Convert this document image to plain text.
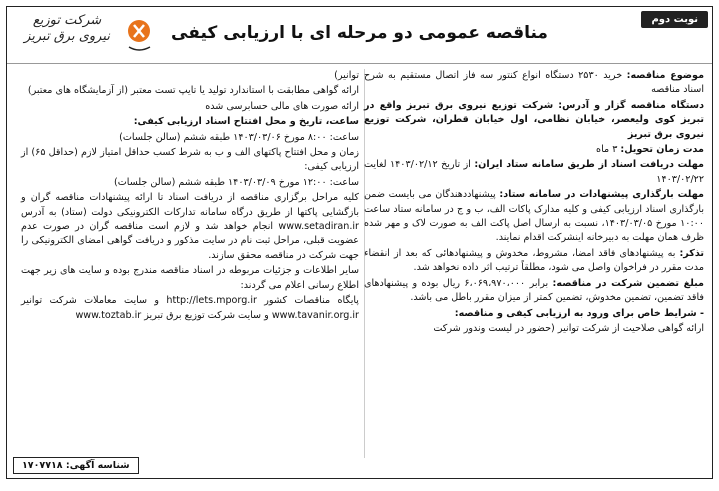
نوبت دوم
مناقصه عمومی دو مرحله ای با ارزیابی کیفی
شرکت توزیع نیروی برق تبریز

موضوع مناقصه: خرید ۲۵۳۰ دستگاه انواع کنتور سه فاز اتصال مستقیم به شرح اسناد مناقصه

دستگاه مناقصه گزار و آدرس: شرکت توزیع نیروی برق تبریز واقع در تبریز کوی ولیعصر، خیابان نظامی، اول خیابان قطران، شرکت توزیع نیروی برق تبریز

مدت زمان تحویل: ۳ ماه

مهلت دریافت اسناد از طریق سامانه ستاد ایران: از تاریخ ۱۴۰۳/۰۲/۱۲ لغایت ۱۴۰۳/۰۲/۲۲

مهلت بارگذاری پیشنهادات در سامانه ستاد: پیشنهاددهندگان می بایست ضمن بارگذاری اسناد ارزیابی کیفی و کلیه مدارک پاکات الف، ب و ج در سامانه ستاد ساعت ۱۰:۰۰ مورخ ۱۴۰۳/۰۳/۰۵، نسبت به ارسال اصل پاکت الف به صورت لاک و مهر شده ظرف همان مهلت به دبیرخانه اینشرکت اقدام نمایند.

تذکر: به پیشنهادهای فاقد امضا، مشروط، مخدوش و پیشنهادهائی که بعد از انقضاء مدت مقرر در فراخوان واصل می شود، مطلقاً ترتیب اثر داده نخواهد شد.

مبلغ تضمین شرکت در مناقصه: برابر ۶،۰۶۹،۹۷۰،۰۰۰ ریال بوده و پیشنهادهای فاقد تضمین، تضمین مخدوش، تضمین کمتر از میزان مقرر باطل می باشد.

- شرایط خاص برای ورود به ارزیابی کیفی و مناقصه:

ارائه گواهی صلاحیت از شرکت توانیر (حضور در لیست وندور شرکت

توانیر)

ارائه گواهی مطابقت با استاندارد تولید یا تایپ تست معتبر (از آزمایشگاه های معتبر)

ارائه صورت های مالی حسابرسی شده

ساعت، تاریخ و محل افتتاح اسناد ارزیابی کیفی:

ساعت: ۸:۰۰ مورخ ۱۴۰۳/۰۳/۰۶ طبقه ششم (سالن جلسات)

زمان و محل افتتاح پاکتهای الف و ب به شرط کسب حداقل امتیاز لازم (حداقل ۶۵) از ارزیابی کیفی:

ساعت: ۱۲:۰۰ مورخ ۱۴۰۳/۰۳/۰۹ طبقه ششم (سالن جلسات)

کلیه مراحل برگزاری مناقصه از دریافت اسناد تا ارائه پیشنهادات مناقصه گران و بازگشایی پاکتها از طریق درگاه سامانه تدارکات الکترونیکی دولت (ستاد) به آدرس www.setadiran.ir انجام خواهد شد و لازم است مناقصه گران در صورت عدم عضویت قبلی، مراحل ثبت نام در سایت مذکور و دریافت گواهی امضای الکترونیکی را جهت شرکت در مناقصه محقق سازند.

سایر اطلاعات و جزئیات مربوطه در اسناد مناقصه مندرج بوده و سایت های زیر جهت اطلاع رسانی اعلام می گردند:

پایگاه مناقصات کشور http://lets.mporg.ir و سایت معاملات شرکت توانیر www.tavanir.org.ir و سایت شرکت توزیع برق تبریز www.toztab.ir

شناسه آگهی: ۱۷۰۷۷۱۸
